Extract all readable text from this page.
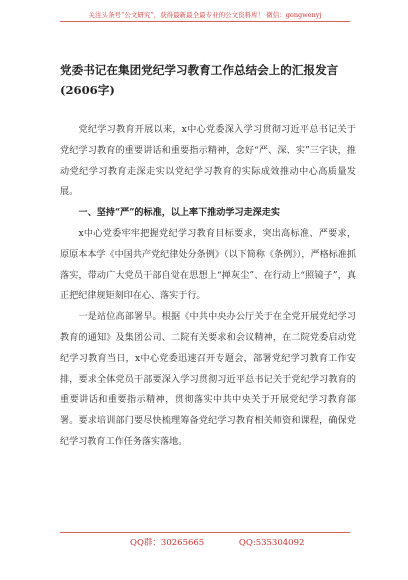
关注头条号“公文研究”，获得最新最全最专业的公文资料库！ 微信：gongwenyj
党委书记在集团党纪学习教育工作总结会上的汇报发言
(2606字)

党纪学习教育开展以来，x中心党委深入学习贯彻习近平总书记关于党纪学习教育的重要讲话和重要指示精神，念好“严、深、实”三字诀，推动党纪学习教育走深走实以党纪学习教育的实际成效推动中心高质量发展。

一、坚持“严”的标准，以上率下推动学习走深走实

x中心党委牢牢把握党纪学习教育目标要求，突出高标准、严要求，原原本本学《中国共产党纪律处分条例》（以下简称《条例》），严格标准抓落实，带动广大党员干部自觉在思想上“掸灰尘”、在行动上“照镜子”，真正把纪律规矩刻印在心、落实于行。

一是站位高部署早。根据《中共中央办公厅关于在全党开展党纪学习教育的通知》及集团公司、二院有关要求和会议精神，在二院党委启动党纪学习教育当日，x中心党委迅速召开专题会，部署党纪学习教育工作安排，要求全体党员干部要深入学习贯彻习近平总书记关于党纪学习教育的重要讲话和重要指示精神，贯彻落实中共中央关于开展党纪学习教育部署。要求培训部门要尽快梳理筹备党纪学习教育相关师资和课程，确保党纪学习教育工作任务落实落地。

QQ群：30265665	QQ:535304092
